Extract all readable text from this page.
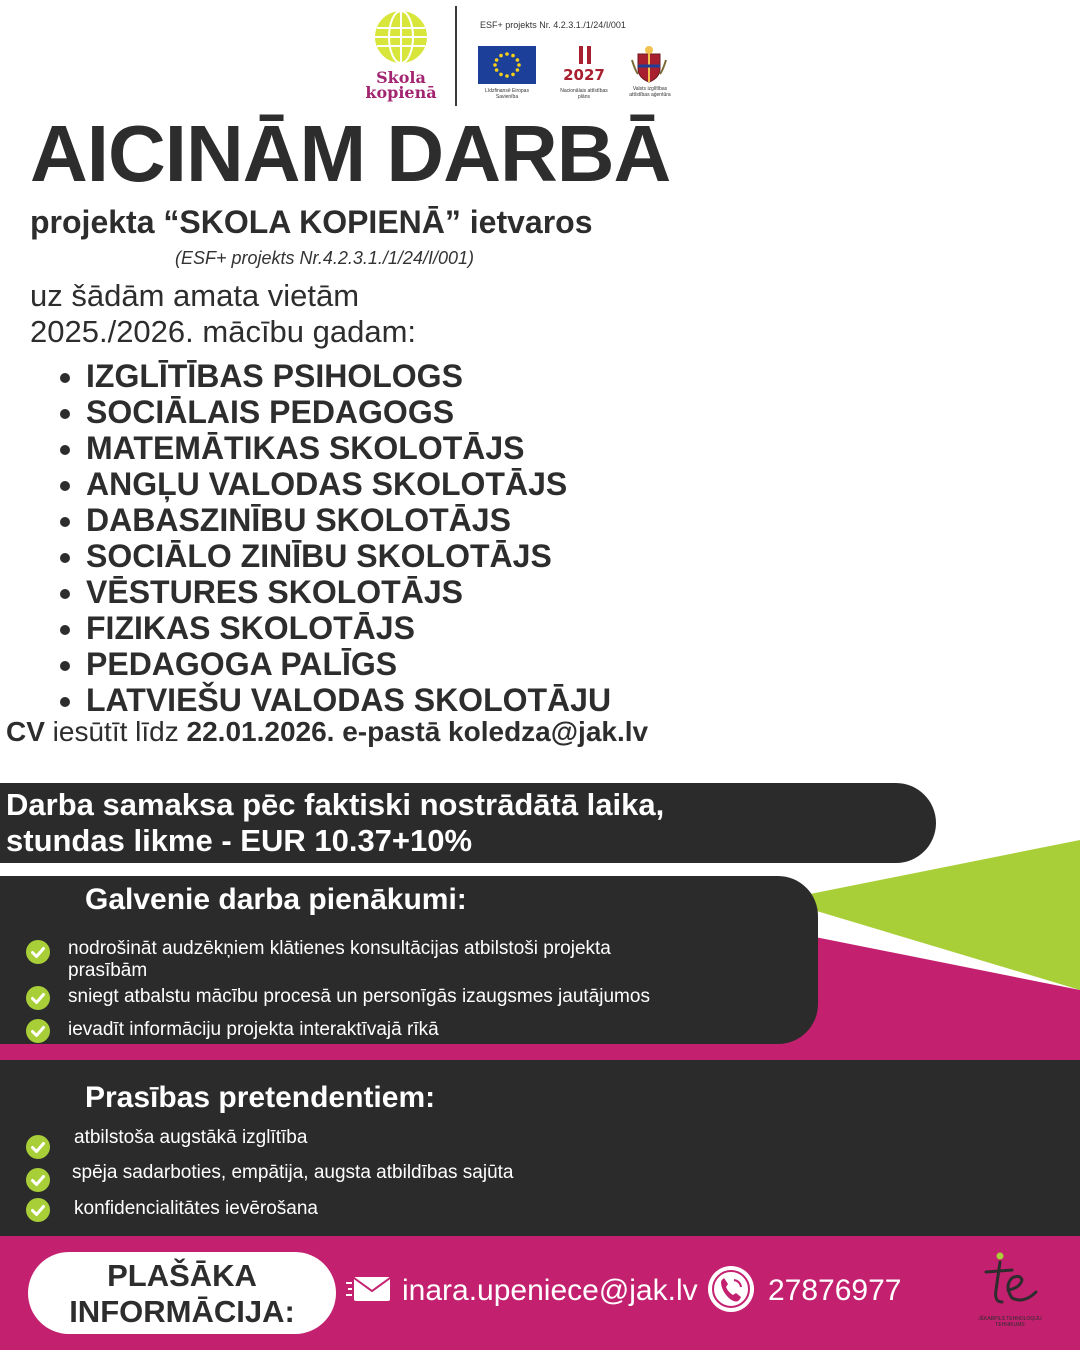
Skola
kopienā
ESF+ projekts Nr. 4.2.3.1./1/24/I/001
Līdzfinansē Eiropas Savienība
2027
Nacionālais attīstības plāns
Valsts izglītības attīstības aģentūra
AICINĀM DARBĀ
projekta “SKOLA KOPIENĀ” ietvaros
(ESF+ projekts Nr.4.2.3.1./1/24/I/001)
uz šādām amata vietām
2025./2026. mācību gadam:
IZGLĪTĪBAS PSIHOLOGS
SOCIĀLAIS PEDAGOGS
MATEMĀTIKAS SKOLOTĀJS
ANGĻU VALODAS SKOLOTĀJS
DABASZINĪBU SKOLOTĀJS
SOCIĀLO ZINĪBU SKOLOTĀJS
VĒSTURES SKOLOTĀJS
FIZIKAS SKOLOTĀJS
PEDAGOGA PALĪGS
LATVIEŠU VALODAS SKOLOTĀJU
CV iesūtīt līdz 22.01.2026. e-pastā koledza@jak.lv
Darba samaksa pēc faktiski nostrādātā laika,
stundas likme - EUR 10.37+10%
Galvenie darba pienākumi:
nodrošināt audzēkņiem klātienes konsultācijas atbilstoši projekta
prasībām
sniegt atbalstu mācību procesā un personīgās izaugsmes jautājumos
ievadīt informāciju projekta interaktīvajā rīkā
Prasības pretendentiem:
atbilstoša augstākā izglītība
spēja sadarboties, empātija, augsta atbildības sajūta
konfidencialitātes ievērošana
PLAŠĀKA
INFORMĀCIJA:
inara.upeniece@jak.lv 27876977
JĒKABPILS TEHNOLOĢIJU TEHNIKUMS
